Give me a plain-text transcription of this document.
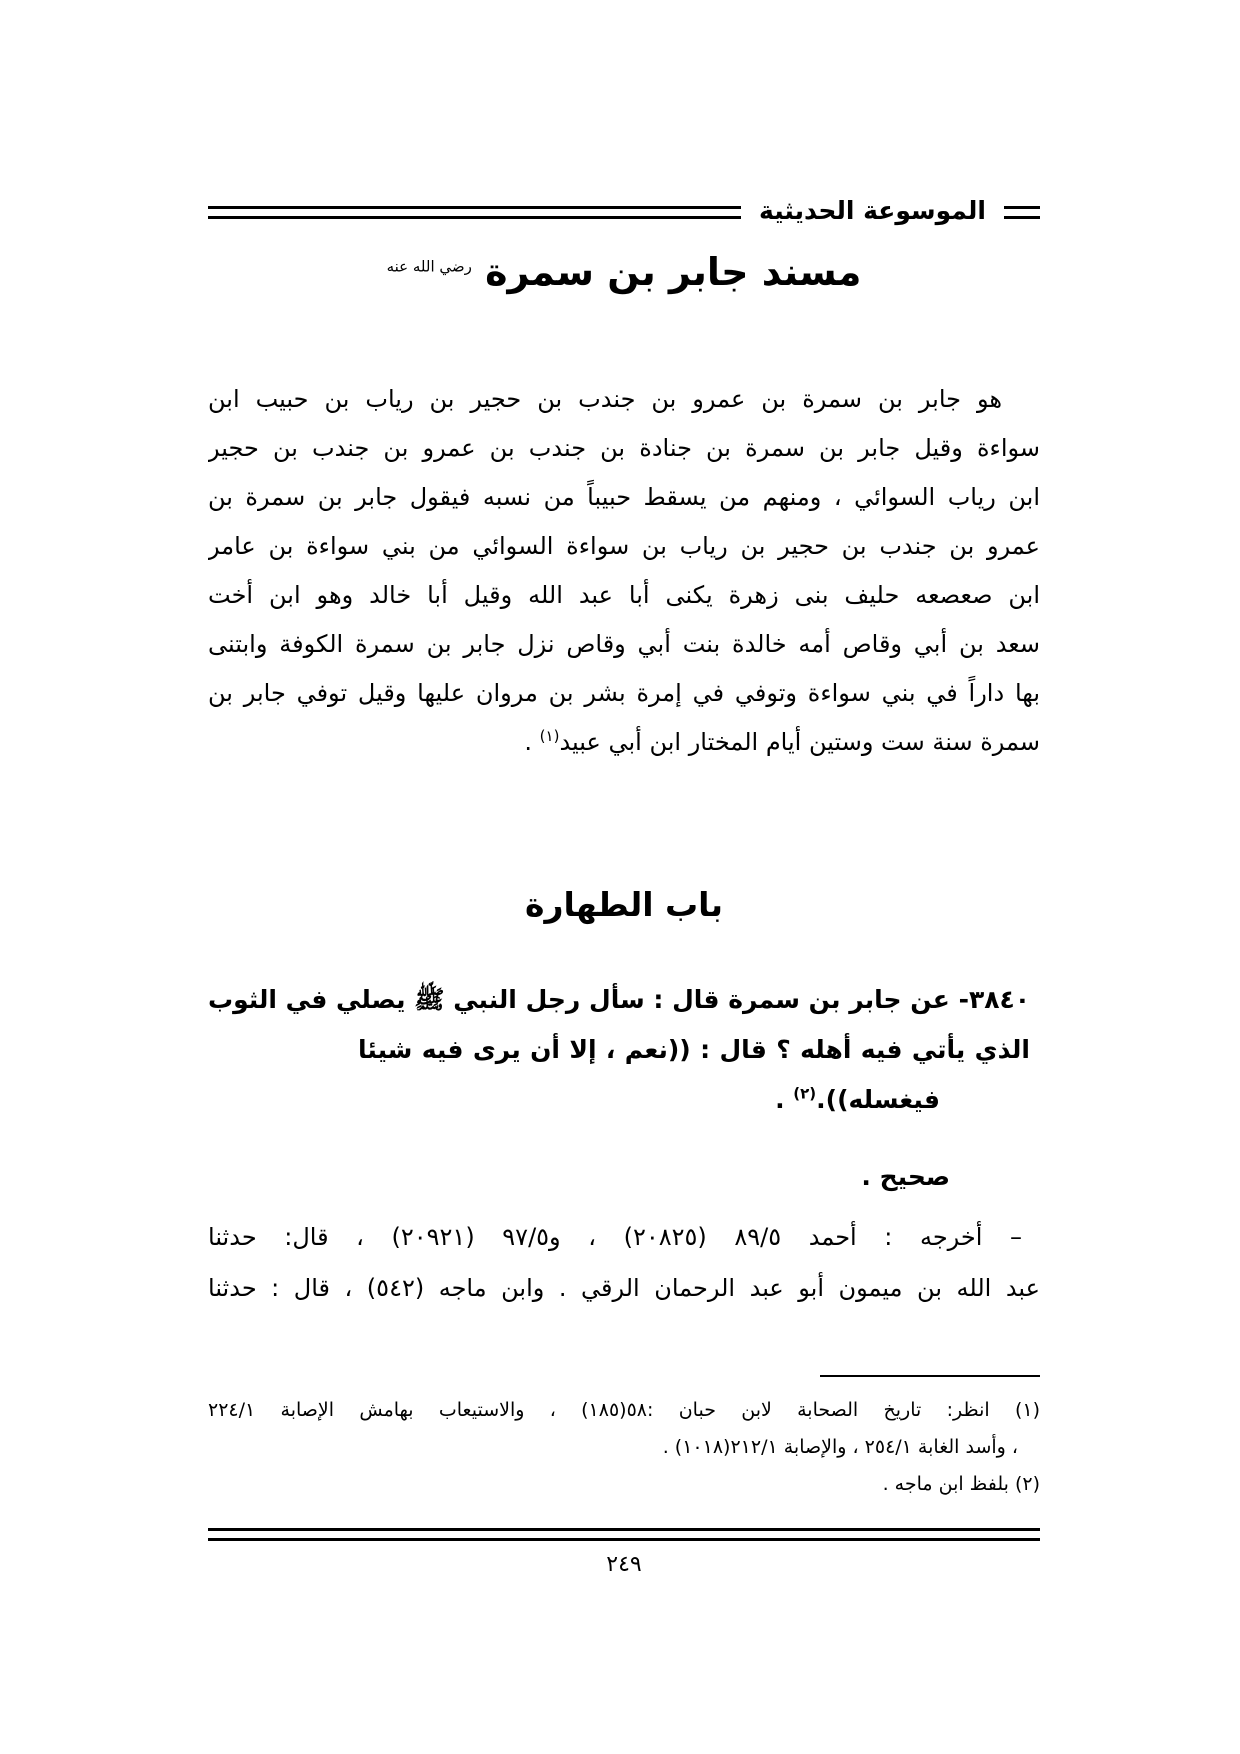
الموسوعة الحديثية
مسند جابر بن سمرة $^{رضي الله عنه}$
هو جابر بن سمرة بن عمرو بن جندب بن حجير بن رياب بن حبيب ابن
سواءة وقيل جابر بن سمرة بن جنادة بن جندب بن عمرو بن جندب بن حجير
ابن رياب السوائي ، ومنهم من يسقط حبيباً من نسبه فيقول جابر بن سمرة بن
عمرو بن جندب بن حجير بن رياب بن سواءة السوائي من بني سواءة بن عامر
ابن صعصعه حليف بنى زهرة يكنى أبا عبد الله وقيل أبا خالد وهو ابن أخت
سعد بن أبي وقاص أمه خالدة بنت أبي وقاص نزل جابر بن سمرة الكوفة وابتنى
بها داراً في بني سواءة وتوفي في إمرة بشر بن مروان عليها وقيل توفي جابر بن
سمرة سنة ست وستين أيام المختار ابن أبي عبيد$^{(١)}$ .
باب الطهارة
٣٨٤٠- عن جابر بن سمرة قال : سأل رجل النبي ﷺ يصلي في الثوب
الذي يأتي فيه أهله ؟ قال : ((نعم ، إلا أن يرى فيه شيئا
فيغسله)).$^{(٢)}$ .
صحيح .
– أخرجه : أحمد ٨٩/٥ (٢٠٨٢٥) ، و٩٧/٥ (٢٠٩٢١) ، قال: حدثنا
عبد الله بن ميمون أبو عبد الرحمان الرقي . وابن ماجه (٥٤٢) ، قال : حدثنا
(١) انظر: تاريخ الصحابة لابن حبان :٥٨(١٨٥) ، والاستيعاب بهامش الإصابة ٢٢٤/١
، وأسد الغابة ٢٥٤/١ ، والإصابة ٢١٢/١(١٠١٨) .
(٢) بلفظ ابن ماجه .
٢٤٩
